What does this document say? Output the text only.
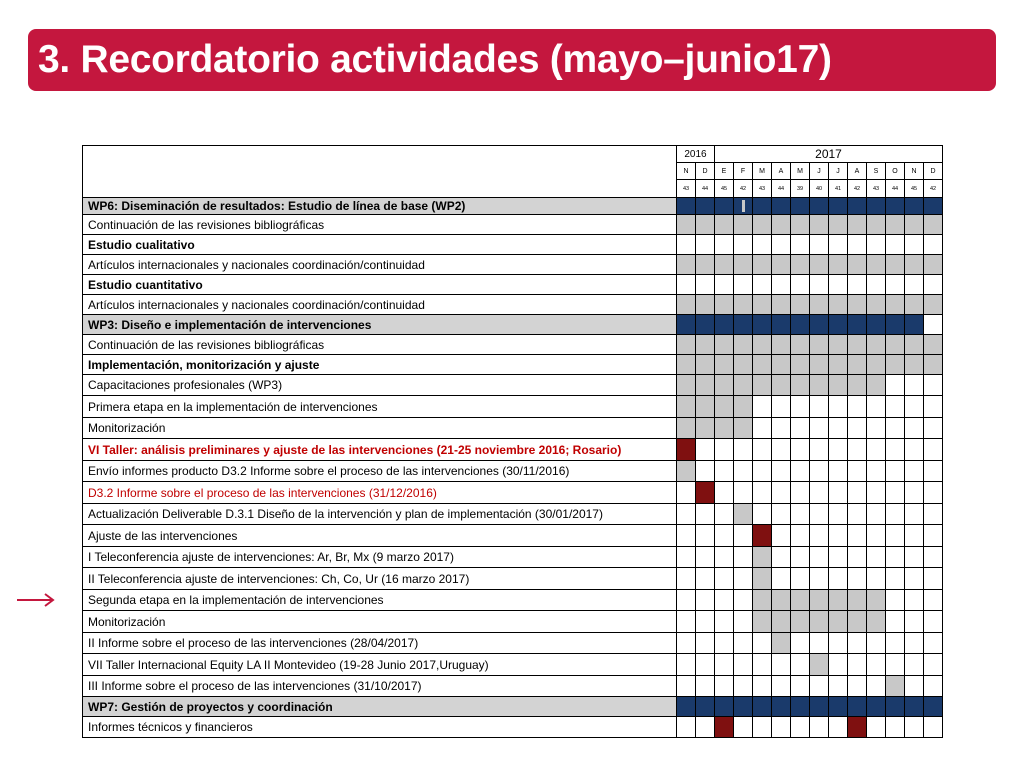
3. Recordatorio actividades (mayo–junio17)
	2016		2017											
	N	D	E	F	M	A	M	J	J	A	S	O	N	D
	43	44	45	42	43	44	39	40	41	42	43	44	45	42
WP6: Diseminación de resultados: Estudio de línea de base (WP2)				

Continuación de las revisiones bibliográficas														
Estudio cualitativo														
Artículos internacionales y nacionales coordinación/continuidad														
Estudio cuantitativo														
Artículos internacionales y nacionales coordinación/continuidad														
WP3: Diseño e implementación de intervenciones														
Continuación de las revisiones bibliográficas														
Implementación, monitorización y ajuste														
Capacitaciones profesionales (WP3)														
Primera etapa en la implementación de intervenciones														
Monitorización														
VI Taller: análisis preliminares y ajuste de las intervenciones (21-25 noviembre 2016; Rosario)														
Envío informes producto D3.2 Informe sobre el proceso de las intervenciones (30/11/2016)														
D3.2 Informe sobre el proceso de las intervenciones (31/12/2016)														
Actualización Deliverable D.3.1 Diseño de la intervención y plan de implementación (30/01/2017)														
Ajuste de las intervenciones														
I Teleconferencia ajuste de intervenciones: Ar, Br, Mx (9 marzo 2017)														
II Teleconferencia ajuste de intervenciones: Ch, Co, Ur (16 marzo 2017)														
Segunda etapa en la implementación de intervenciones														
Monitorización														
II Informe sobre el proceso de las intervenciones (28/04/2017)														
VII Taller Internacional Equity LA II Montevideo (19-28 Junio 2017,Uruguay)														
III Informe sobre el proceso de las intervenciones (31/10/2017)														
WP7: Gestión de proyectos y coordinación														
Informes técnicos y financieros														
